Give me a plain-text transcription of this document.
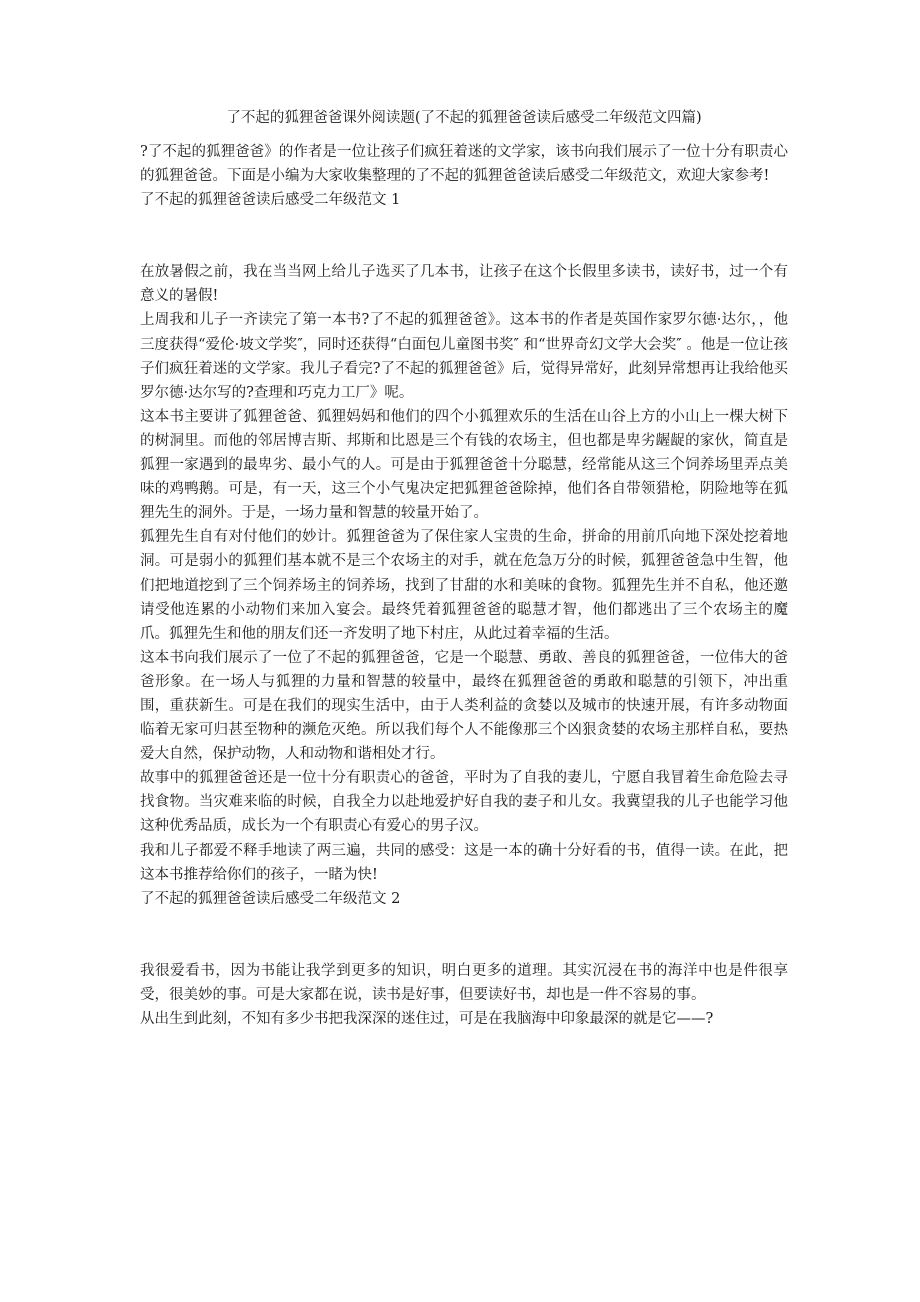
了不起的狐狸爸爸课外阅读题(了不起的狐狸爸爸读后感受二年级范文四篇)

?了不起的狐狸爸爸》的作者是一位让孩子们疯狂着迷的文学家，该书向我们展示了一位十分有职责心的狐狸爸爸。下面是小编为大家收集整理的了不起的狐狸爸爸读后感受二年级范文，欢迎大家参考!

了不起的狐狸爸爸读后感受二年级范文 1

在放暑假之前，我在当当网上给儿子选买了几本书，让孩子在这个长假里多读书，读好书，过一个有意义的暑假!

上周我和儿子一齐读完了第一本书?了不起的狐狸爸爸》。这本书的作者是英国作家罗尔德·达尔，，他三度获得“爱伦·坡文学奖″，同时还获得“白面包儿童图书奖″ 和“世界奇幻文学大会奖″ 。他是一位让孩子们疯狂着迷的文学家。我儿子看完?了不起的狐狸爸爸》后，觉得异常好，此刻异常想再让我给他买罗尔德·达尔写的?查理和巧克力工厂》呢。

这本书主要讲了狐狸爸爸、狐狸妈妈和他们的四个小狐狸欢乐的生活在山谷上方的小山上一棵大树下的树洞里。而他的邻居博吉斯、邦斯和比恩是三个有钱的农场主，但也都是卑劣龌龊的家伙，简直是狐狸一家遇到的最卑劣、最小气的人。可是由于狐狸爸爸十分聪慧，经常能从这三个饲养场里弄点美味的鸡鸭鹅。可是，有一天，这三个小气鬼决定把狐狸爸爸除掉，他们各自带领猎枪，阴险地等在狐狸先生的洞外。于是，一场力量和智慧的较量开始了。

狐狸先生自有对付他们的妙计。狐狸爸爸为了保住家人宝贵的生命，拼命的用前爪向地下深处挖着地洞。可是弱小的狐狸们基本就不是三个农场主的对手，就在危急万分的时候，狐狸爸爸急中生智，他们把地道挖到了三个饲养场主的饲养场，找到了甘甜的水和美味的食物。狐狸先生并不自私，他还邀请受他连累的小动物们来加入宴会。最终凭着狐狸爸爸的聪慧才智，他们都逃出了三个农场主的魔爪。狐狸先生和他的朋友们还一齐发明了地下村庄，从此过着幸福的生活。

这本书向我们展示了一位了不起的狐狸爸爸，它是一个聪慧、勇敢、善良的狐狸爸爸，一位伟大的爸爸形象。在一场人与狐狸的力量和智慧的较量中，最终在狐狸爸爸的勇敢和聪慧的引领下，冲出重围，重获新生。可是在我们的现实生活中，由于人类利益的贪婪以及城市的快速开展，有许多动物面临着无家可归甚至物种的濒危灭绝。所以我们每个人不能像那三个凶狠贪婪的农场主那样自私，要热爱大自然，保护动物，人和动物和谐相处才行。

故事中的狐狸爸爸还是一位十分有职责心的爸爸，平时为了自我的妻儿，宁愿自我冒着生命危险去寻找食物。当灾难来临的时候，自我全力以赴地爱护好自我的妻子和儿女。我冀望我的儿子也能学习他这种优秀品质，成长为一个有职责心有爱心的男子汉。

我和儿子都爱不释手地读了两三遍，共同的感受：这是一本的确十分好看的书，值得一读。在此，把这本书推荐给你们的孩子，一睹为快!

了不起的狐狸爸爸读后感受二年级范文 2

我很爱看书，因为书能让我学到更多的知识，明白更多的道理。其实沉浸在书的海洋中也是件很享受，很美妙的事。可是大家都在说，读书是好事，但要读好书，却也是一件不容易的事。

从出生到此刻，不知有多少书把我深深的迷住过，可是在我脑海中印象最深的就是它——?
